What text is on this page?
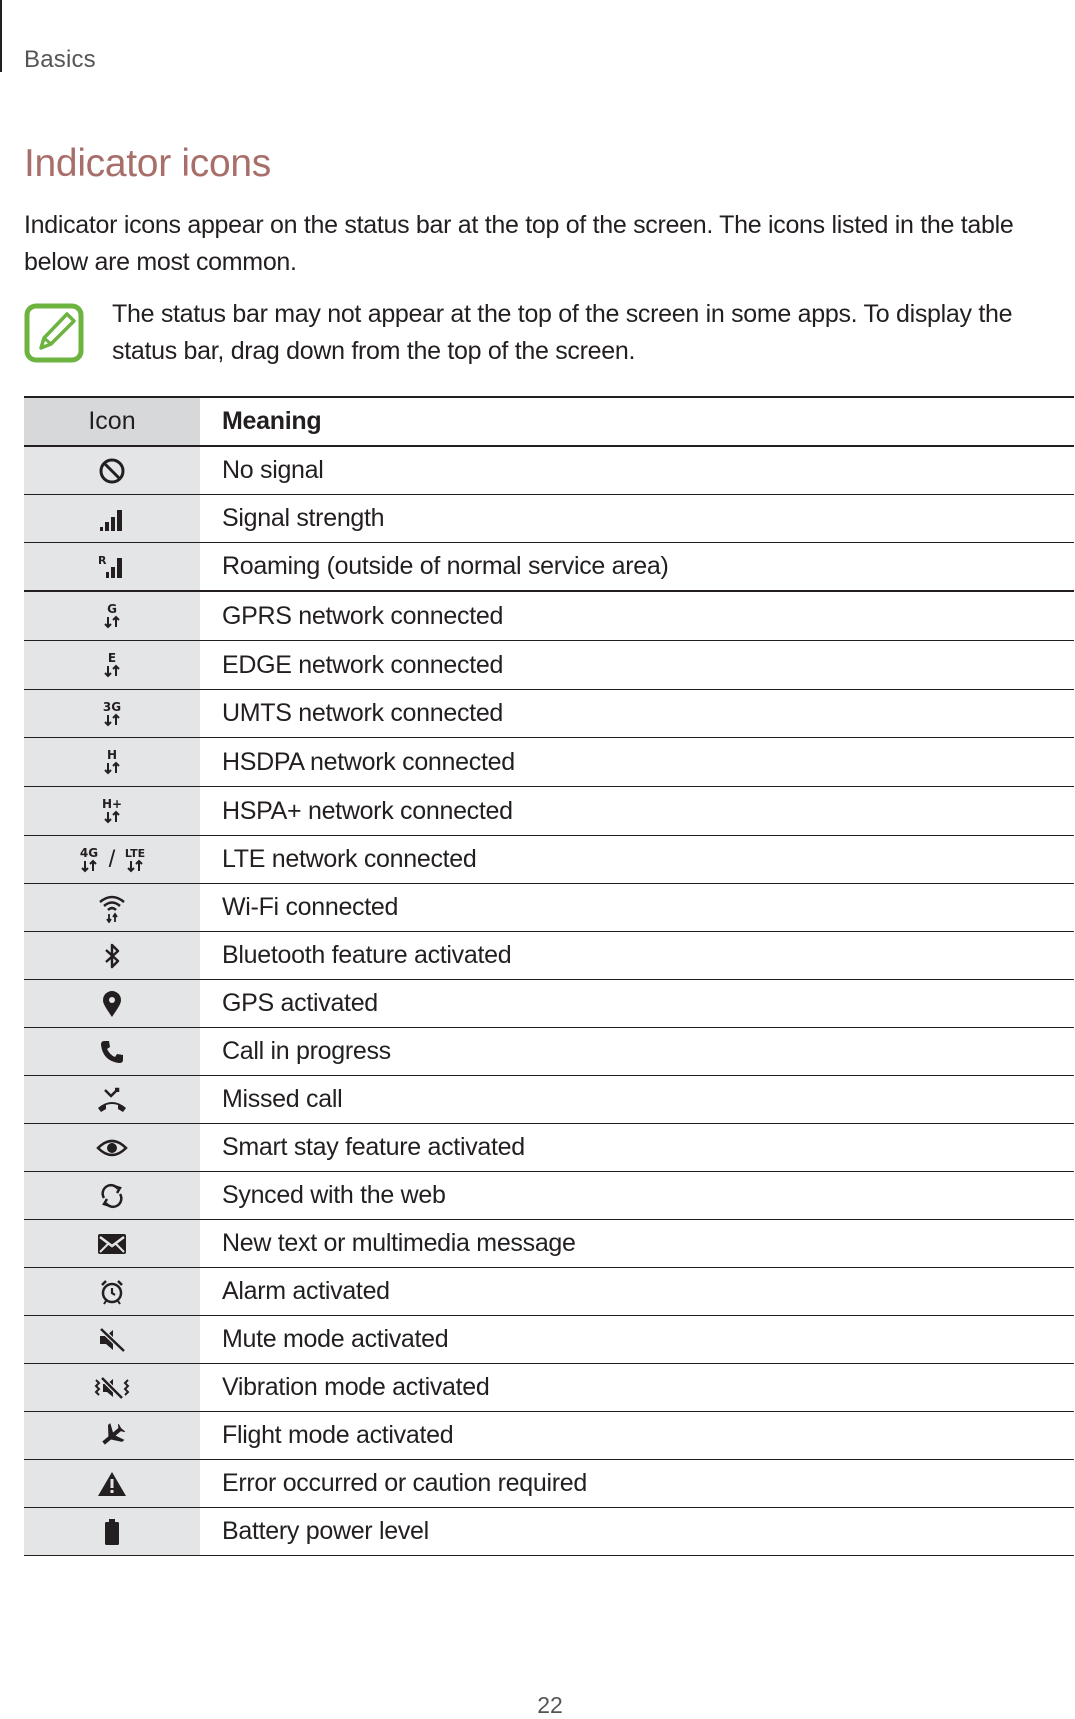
Basics
Indicator icons

Indicator icons appear on the status bar at the top of the screen. The icons listed in the table below are most common.

The status bar may not appear at the top of the screen in some apps. To display the status bar, drag down from the top of the screen.

Icon	Meaning
No signal
Signal strength
R	Roaming (outside of normal service area)
G	GPRS network connected
E	EDGE network connected
3G	UMTS network connected
H	HSDPA network connected
H+	HSPA+ network connected
4G / LTE	LTE network connected
Wi-Fi connected
Bluetooth feature activated
GPS activated
Call in progress
Missed call
Smart stay feature activated
Synced with the web
New text or multimedia message
Alarm activated
Mute mode activated
Vibration mode activated
Flight mode activated
Error occurred or caution required
Battery power level
22
